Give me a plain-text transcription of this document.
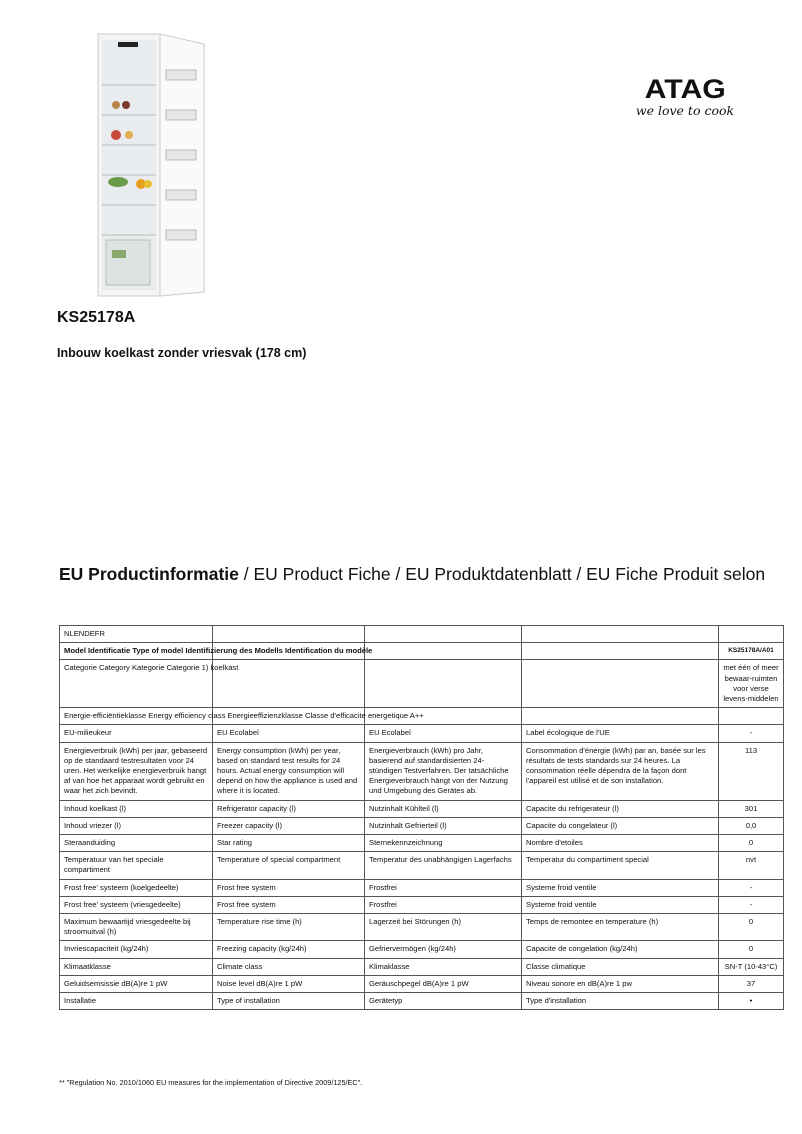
ATAG
we love to cook
KS25178A
Inbouw koelkast zonder vriesvak (178 cm)
EU Productinformatie / EU Product Fiche / EU Produktdatenblatt / EU Fiche Produit selon
NLENDEFR				
Model Identificatie Type of model Identifizierung des Modells Identification du modèle				KS25178A/A01
Categorie Category Kategorie Categorie 1) koelkast				met één of meer bewaar-ruimten voor verse levens-middelen
Energie-efficiëntieklasse Energy efficiency class Energieeffizienzklasse Classe d'efficacite energetique A++				
EU-milieukeur	EU Ecolabel	EU Ecolabel	Label écologique de l'UE	-
Energieverbruik (kWh) per jaar, gebaseerd op de standaard testresultaten voor 24 uren. Het werkelijke energieverbruik hangt af van hoe het apparaat wordt gebruikt en waar het zich bevindt.	Energy consumption (kWh) per year, based on standard test results for 24 hours. Actual energy consumption will depend on how the appliance is used and where it is located.	Energieverbrauch (kWh) pro Jahr, basierend auf standardisierten 24-stündigen Testverfahren. Der tatsächliche Energieverbrauch hängt von der Nutzung und Umgebung des Gerätes ab.	Consommation d'énergie (kWh) par an, basée sur les résultats de tests standards sur 24 heures. La consommation réelle dépendra de la façon dont l'appareil est utilisé et de son installation.	113
Inhoud koelkast (l)	Refrigerator capacity (l)	Nutzinhalt Kühlteil (l)	Capacite du refrigerateur (l)	301
Inhoud vriezer (l)	Freezer capacity (l)	Nutzinhalt Gefrierteil (l)	Capacite du congelateur (l)	0,0
Steraanduiding	Star rating	Sternekennzeichnung	Nombre d'etoiles	0
Temperatuur van het speciale compartiment	Temperature of special compartment	Temperatur des unabhängigen Lagerfachs	Temperatur du compartiment special	nvt
Frost free' systeem (koelgedeelte)	Frost free system	Frostfrei	Systeme froid ventile	-
Frost free' systeem (vriesgedeelte)	Frost free system	Frostfrei	Systeme froid ventile	-
Maximum bewaartijd vriesgedeelte bij stroomuitval (h)	Temperature rise time (h)	Lagerzeit bei Störungen (h)	Temps de remontee en temperature (h)	0
Invriescapaciteit (kg/24h)	Freezing capacity (kg/24h)	Gefriervermögen (kg/24h)	Capacite de congelation (kg/24h)	0
Klimaatklasse	Climate class	Klimaklasse	Classe climatique	SN-T (10-43°C)
Geluidsemsissie dB(A)re 1 pW	Noise level dB(A)re 1 pW	Geräuschpegel dB(A)re 1 pW	Niveau sonore en dB(A)re 1 pw	37
Installatie	Type of installation	Gerätetyp	Type d'installation	•
** "Regulation No. 2010/1060 EU measures for the implementation of Directive 2009/125/EC".
